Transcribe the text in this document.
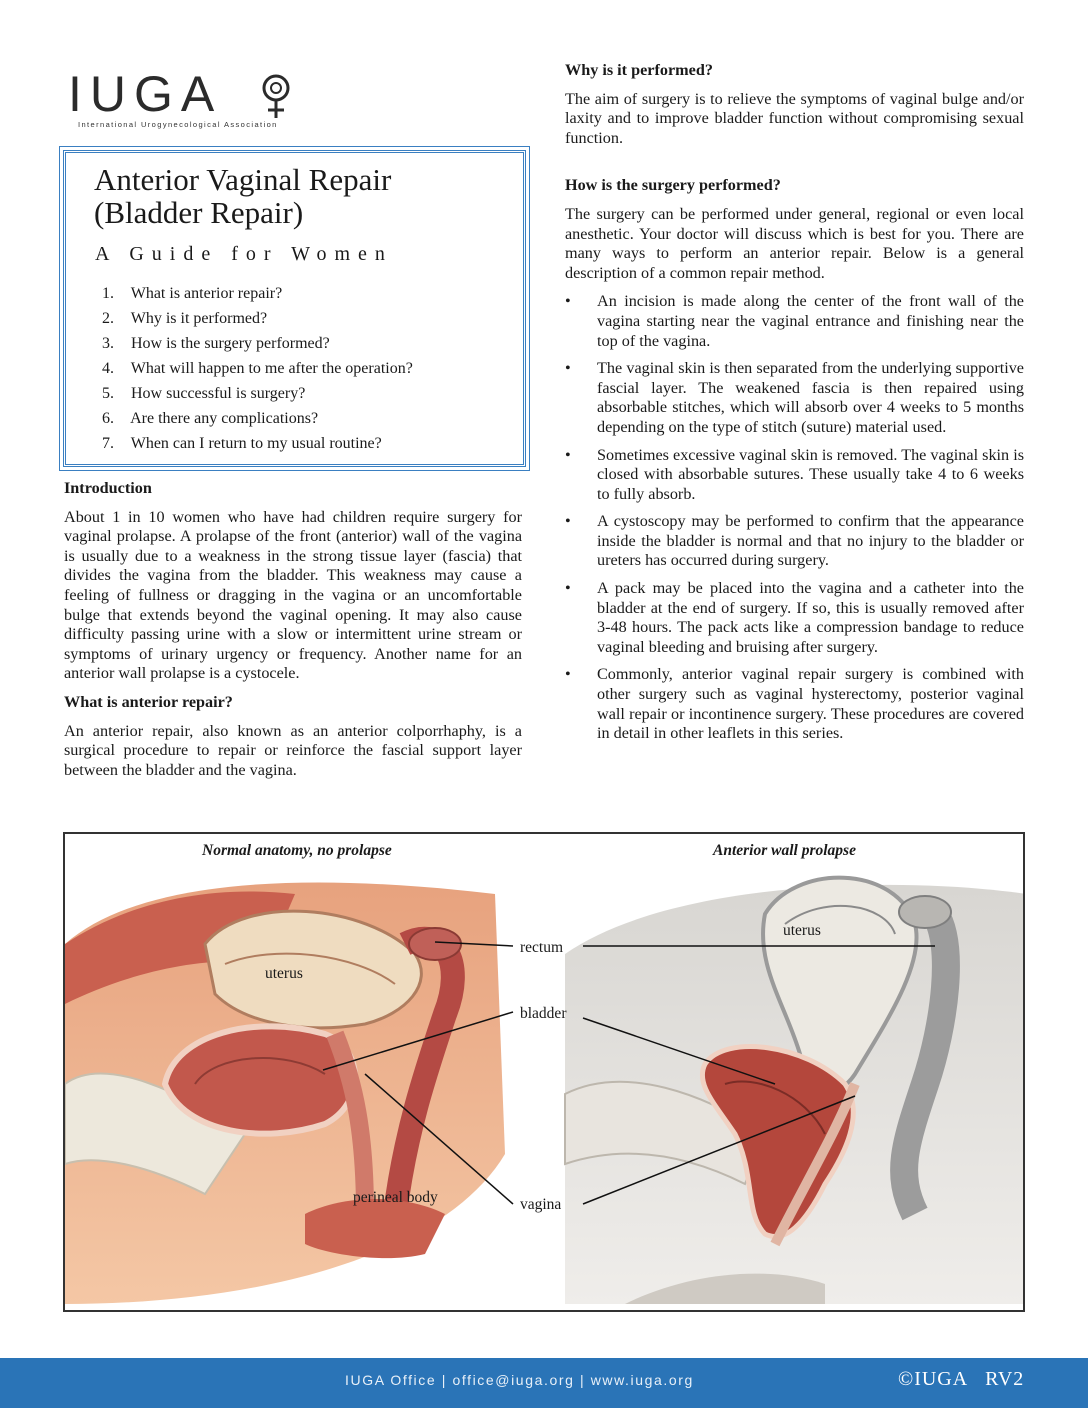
IUGA
International Urogynecological Association
Anterior Vaginal Repair
(Bladder Repair)
A Guide for Women
1. What is anterior repair?
2. Why is it performed?
3. How is the surgery performed?
4. What will happen to me after the operation?
5. How successful is surgery?
6. Are there any complications?
7. When can I return to my usual routine?
Introduction

About 1 in 10 women who have had children require surgery for vaginal prolapse. A prolapse of the front (anterior) wall of the vagina is usually due to a weakness in the strong tissue layer (fascia) that divides the vagina from the bladder. This weakness may cause a feeling of fullness or dragging in the vagina or an uncomfortable bulge that extends beyond the vaginal opening. It may also cause difficulty passing urine with a slow or intermittent urine stream or symptoms of urinary urgency or frequency. Another name for an anterior wall prolapse is a cystocele.

What is anterior repair?

An anterior repair, also known as an anterior colporrhaphy, is a surgical procedure to repair or reinforce the fascial support layer between the bladder and the vagina.

Why is it performed?

The aim of surgery is to relieve the symptoms of vaginal bulge and/or laxity and to improve bladder function without compromising sexual function.

How is the surgery performed?

The surgery can be performed under general, regional or even local anesthetic. Your doctor will discuss which is best for you. There are many ways to perform an anterior repair. Below is a general description of a common repair method.

• An incision is made along the center of the front wall of the vagina starting near the vaginal entrance and finishing near the top of the vagina.
• The vaginal skin is then separated from the underlying supportive fascial layer. The weakened fascia is then repaired using absorbable stitches, which will absorb over 4 weeks to 5 months depending on the type of stitch (suture) material used.
• Sometimes excessive vaginal skin is removed. The vaginal skin is closed with absorbable sutures. These usually take 4 to 6 weeks to fully absorb.
• A cystoscopy may be performed to confirm that the appearance inside the bladder is normal and that no injury to the bladder or ureters has occurred during surgery.
• A pack may be placed into the vagina and a catheter into the bladder at the end of surgery. If so, this is usually removed after 3-48 hours. The pack acts like a compression bandage to reduce vaginal bleeding and bruising after surgery.
• Commonly, anterior vaginal repair surgery is combined with other surgery such as vaginal hysterectomy, posterior vaginal wall repair or incontinence surgery. These procedures are covered in detail in other leaflets in this series.
Normal anatomy, no prolapse	Anterior wall prolapse
uterus
uterus
rectum
bladder
vagina
perineal body
IUGA Office | office@iuga.org | www.iuga.org	©IUGA   RV2
